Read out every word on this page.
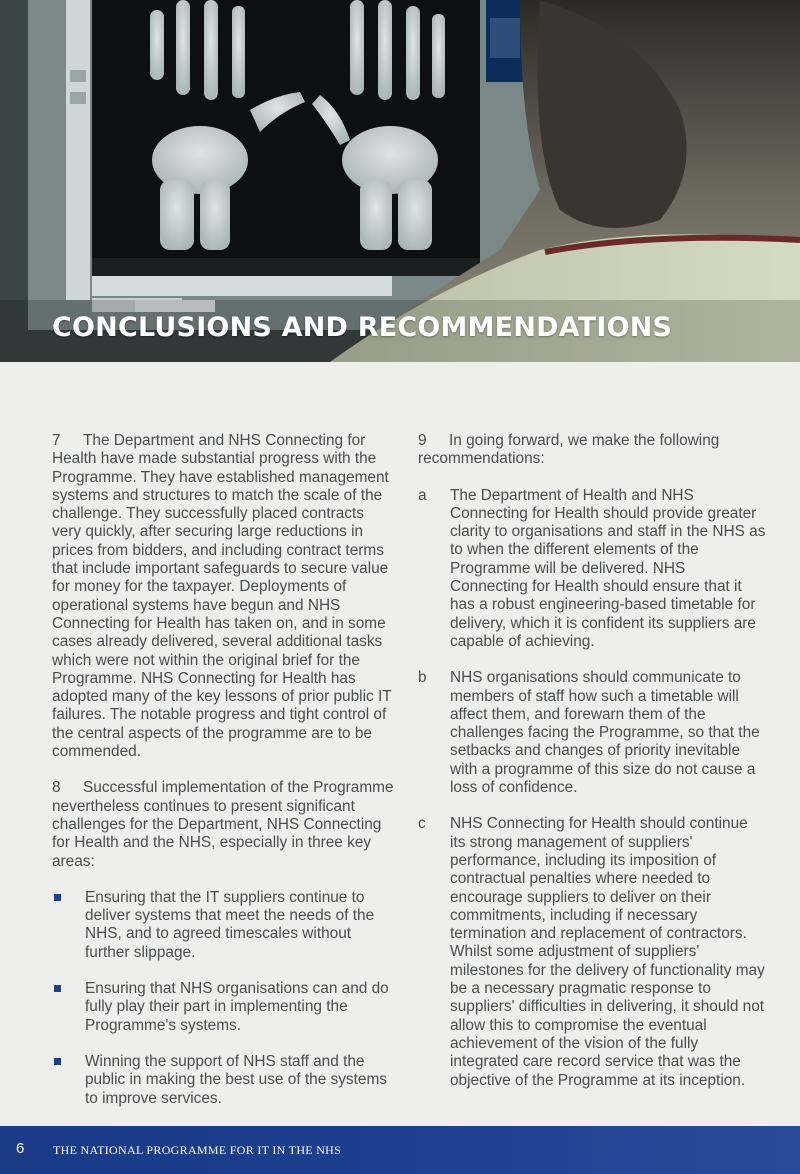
CONCLUSIONS AND RECOMMENDATIONS

7 The Department and NHS Connecting for Health have made substantial progress with the Programme. They have established management systems and structures to match the scale of the challenge. They successfully placed contracts very quickly, after securing large reductions in prices from bidders, and including contract terms that include important safeguards to secure value for money for the taxpayer. Deployments of operational systems have begun and NHS Connecting for Health has taken on, and in some cases already delivered, several additional tasks which were not within the original brief for the Programme. NHS Connecting for Health has adopted many of the key lessons of prior public IT failures. The notable progress and tight control of the central aspects of the programme are to be commended.

8 Successful implementation of the Programme nevertheless continues to present significant challenges for the Department, NHS Connecting for Health and the NHS, especially in three key areas:

Ensuring that the IT suppliers continue to deliver systems that meet the needs of the NHS, and to agreed timescales without further slippage.
Ensuring that NHS organisations can and do fully play their part in implementing the Programme's systems.
Winning the support of NHS staff and the public in making the best use of the systems to improve services.

9 In going forward, we make the following recommendations:

a The Department of Health and NHS Connecting for Health should provide greater clarity to organisations and staff in the NHS as to when the different elements of the Programme will be delivered. NHS Connecting for Health should ensure that it has a robust engineering-based timetable for delivery, which it is confident its suppliers are capable of achieving.
b NHS organisations should communicate to members of staff how such a timetable will affect them, and forewarn them of the challenges facing the Programme, so that the setbacks and changes of priority inevitable with a programme of this size do not cause a loss of confidence.
c NHS Connecting for Health should continue its strong management of suppliers' performance, including its imposition of contractual penalties where needed to encourage suppliers to deliver on their commitments, including if necessary termination and replacement of contractors. Whilst some adjustment of suppliers' milestones for the delivery of functionality may be a necessary pragmatic response to suppliers' difficulties in delivering, it should not allow this to compromise the eventual achievement of the vision of the fully integrated care record service that was the objective of the Programme at its inception.
6 THE NATIONAL PROGRAMME FOR IT IN THE NHS
